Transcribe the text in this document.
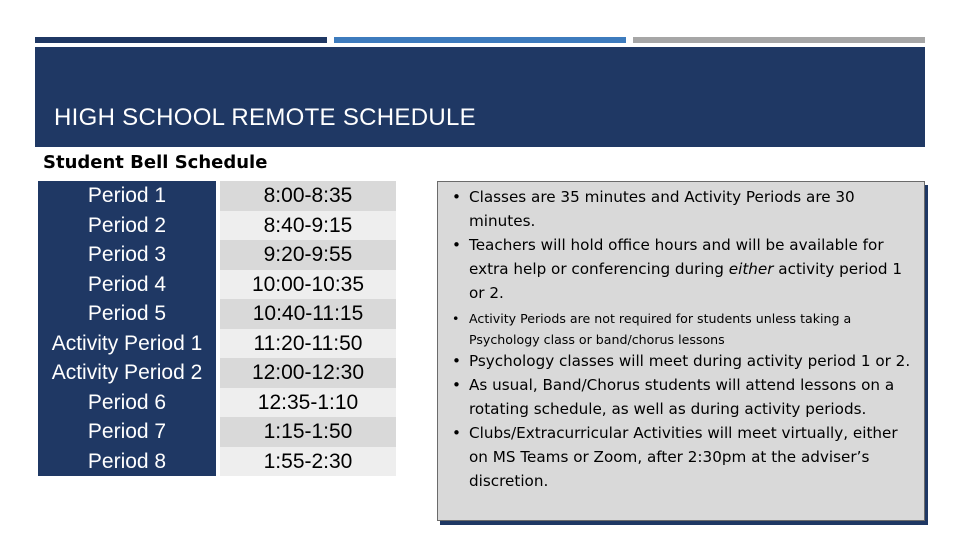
HIGH SCHOOL REMOTE SCHEDULE
Student Bell Schedule
Period 1		8:00-8:35
Period 2		8:40-9:15
Period 3		9:20-9:55
Period 4		10:00-10:35
Period 5		10:40-11:15
Activity Period 1		11:20-11:50
Activity Period 2		12:00-12:30
Period 6		12:35-1:10
Period 7		1:15-1:50
Period 8		1:55-2:30
• Classes are 35 minutes and Activity Periods are 30 minutes.
• Teachers will hold office hours and will be available for extra help or conferencing during either activity period 1 or 2.
• Activity Periods are not required for students unless taking a Psychology class or band/chorus lessons
• Psychology classes will meet during activity period 1 or 2.
• As usual, Band/Chorus students will attend lessons on a rotating schedule, as well as during activity periods.
• Clubs/Extracurricular Activities will meet virtually, either on MS Teams or Zoom, after 2:30pm at the adviser’s discretion.
